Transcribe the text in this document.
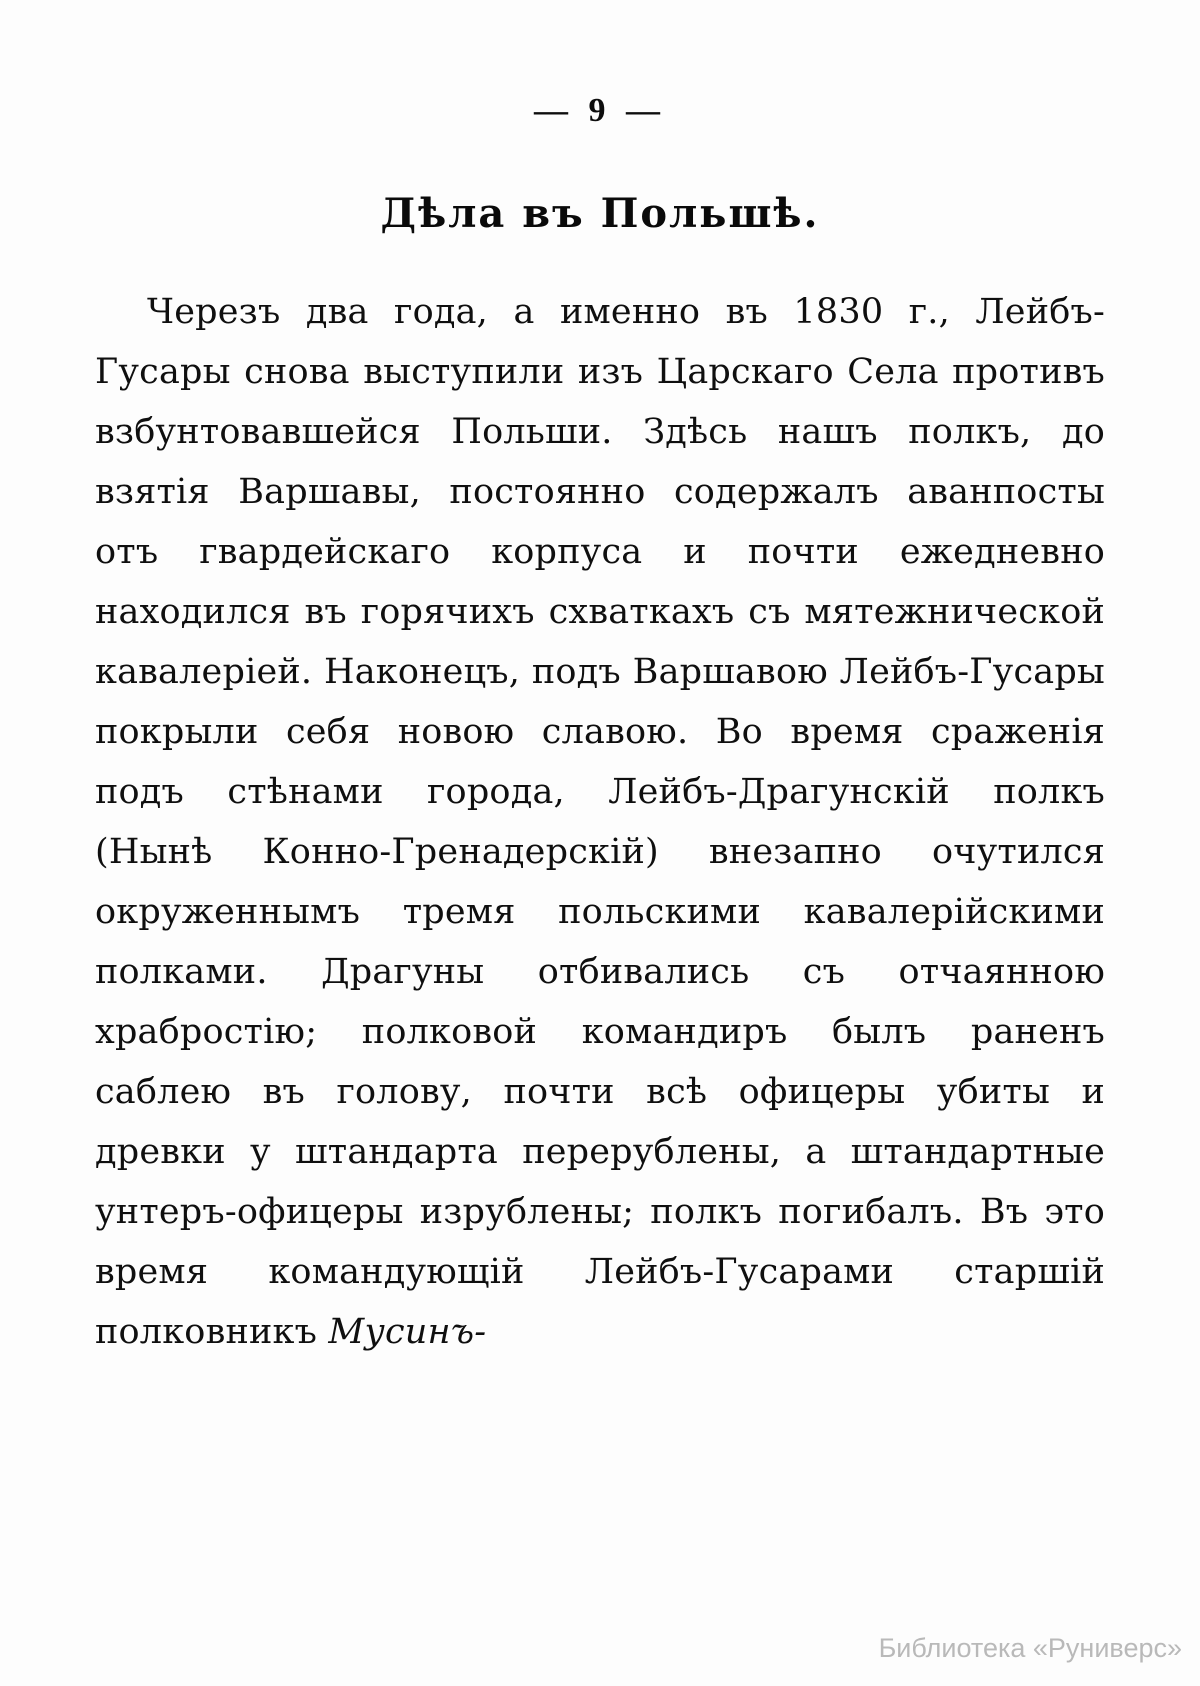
— 9 —
Дѣла въ Польшѣ.

Черезъ два года, а именно въ 1830 г., Лейбъ-Гусары снова выступили изъ Царскаго Села противъ взбунтовавшейся Польши. Здѣсь нашъ полкъ, до взятія Варшавы, постоянно содержалъ аванпосты отъ гвардейскаго корпуса и почти ежедневно находился въ горячихъ схваткахъ съ мятежнической кавалеріей. Наконецъ, подъ Варшавою Лейбъ-Гусары покрыли себя новою славою. Во время сраженія подъ стѣнами города, Лейбъ-Драгунскій полкъ (Нынѣ Конно-Гренадерскій) внезапно очутился окруженнымъ тремя польскими кавалерійскими полками. Драгуны отбивались съ отчаянною храбростію; полковой командиръ былъ раненъ саблею въ голову, почти всѣ офицеры убиты и древки у штандарта перерублены, а штандартные унтеръ-офицеры изрублены; полкъ погибалъ. Въ это время командующій Лейбъ-Гусарами старшій полковникъ Мусинъ-

Библиотека «Руниверс»
